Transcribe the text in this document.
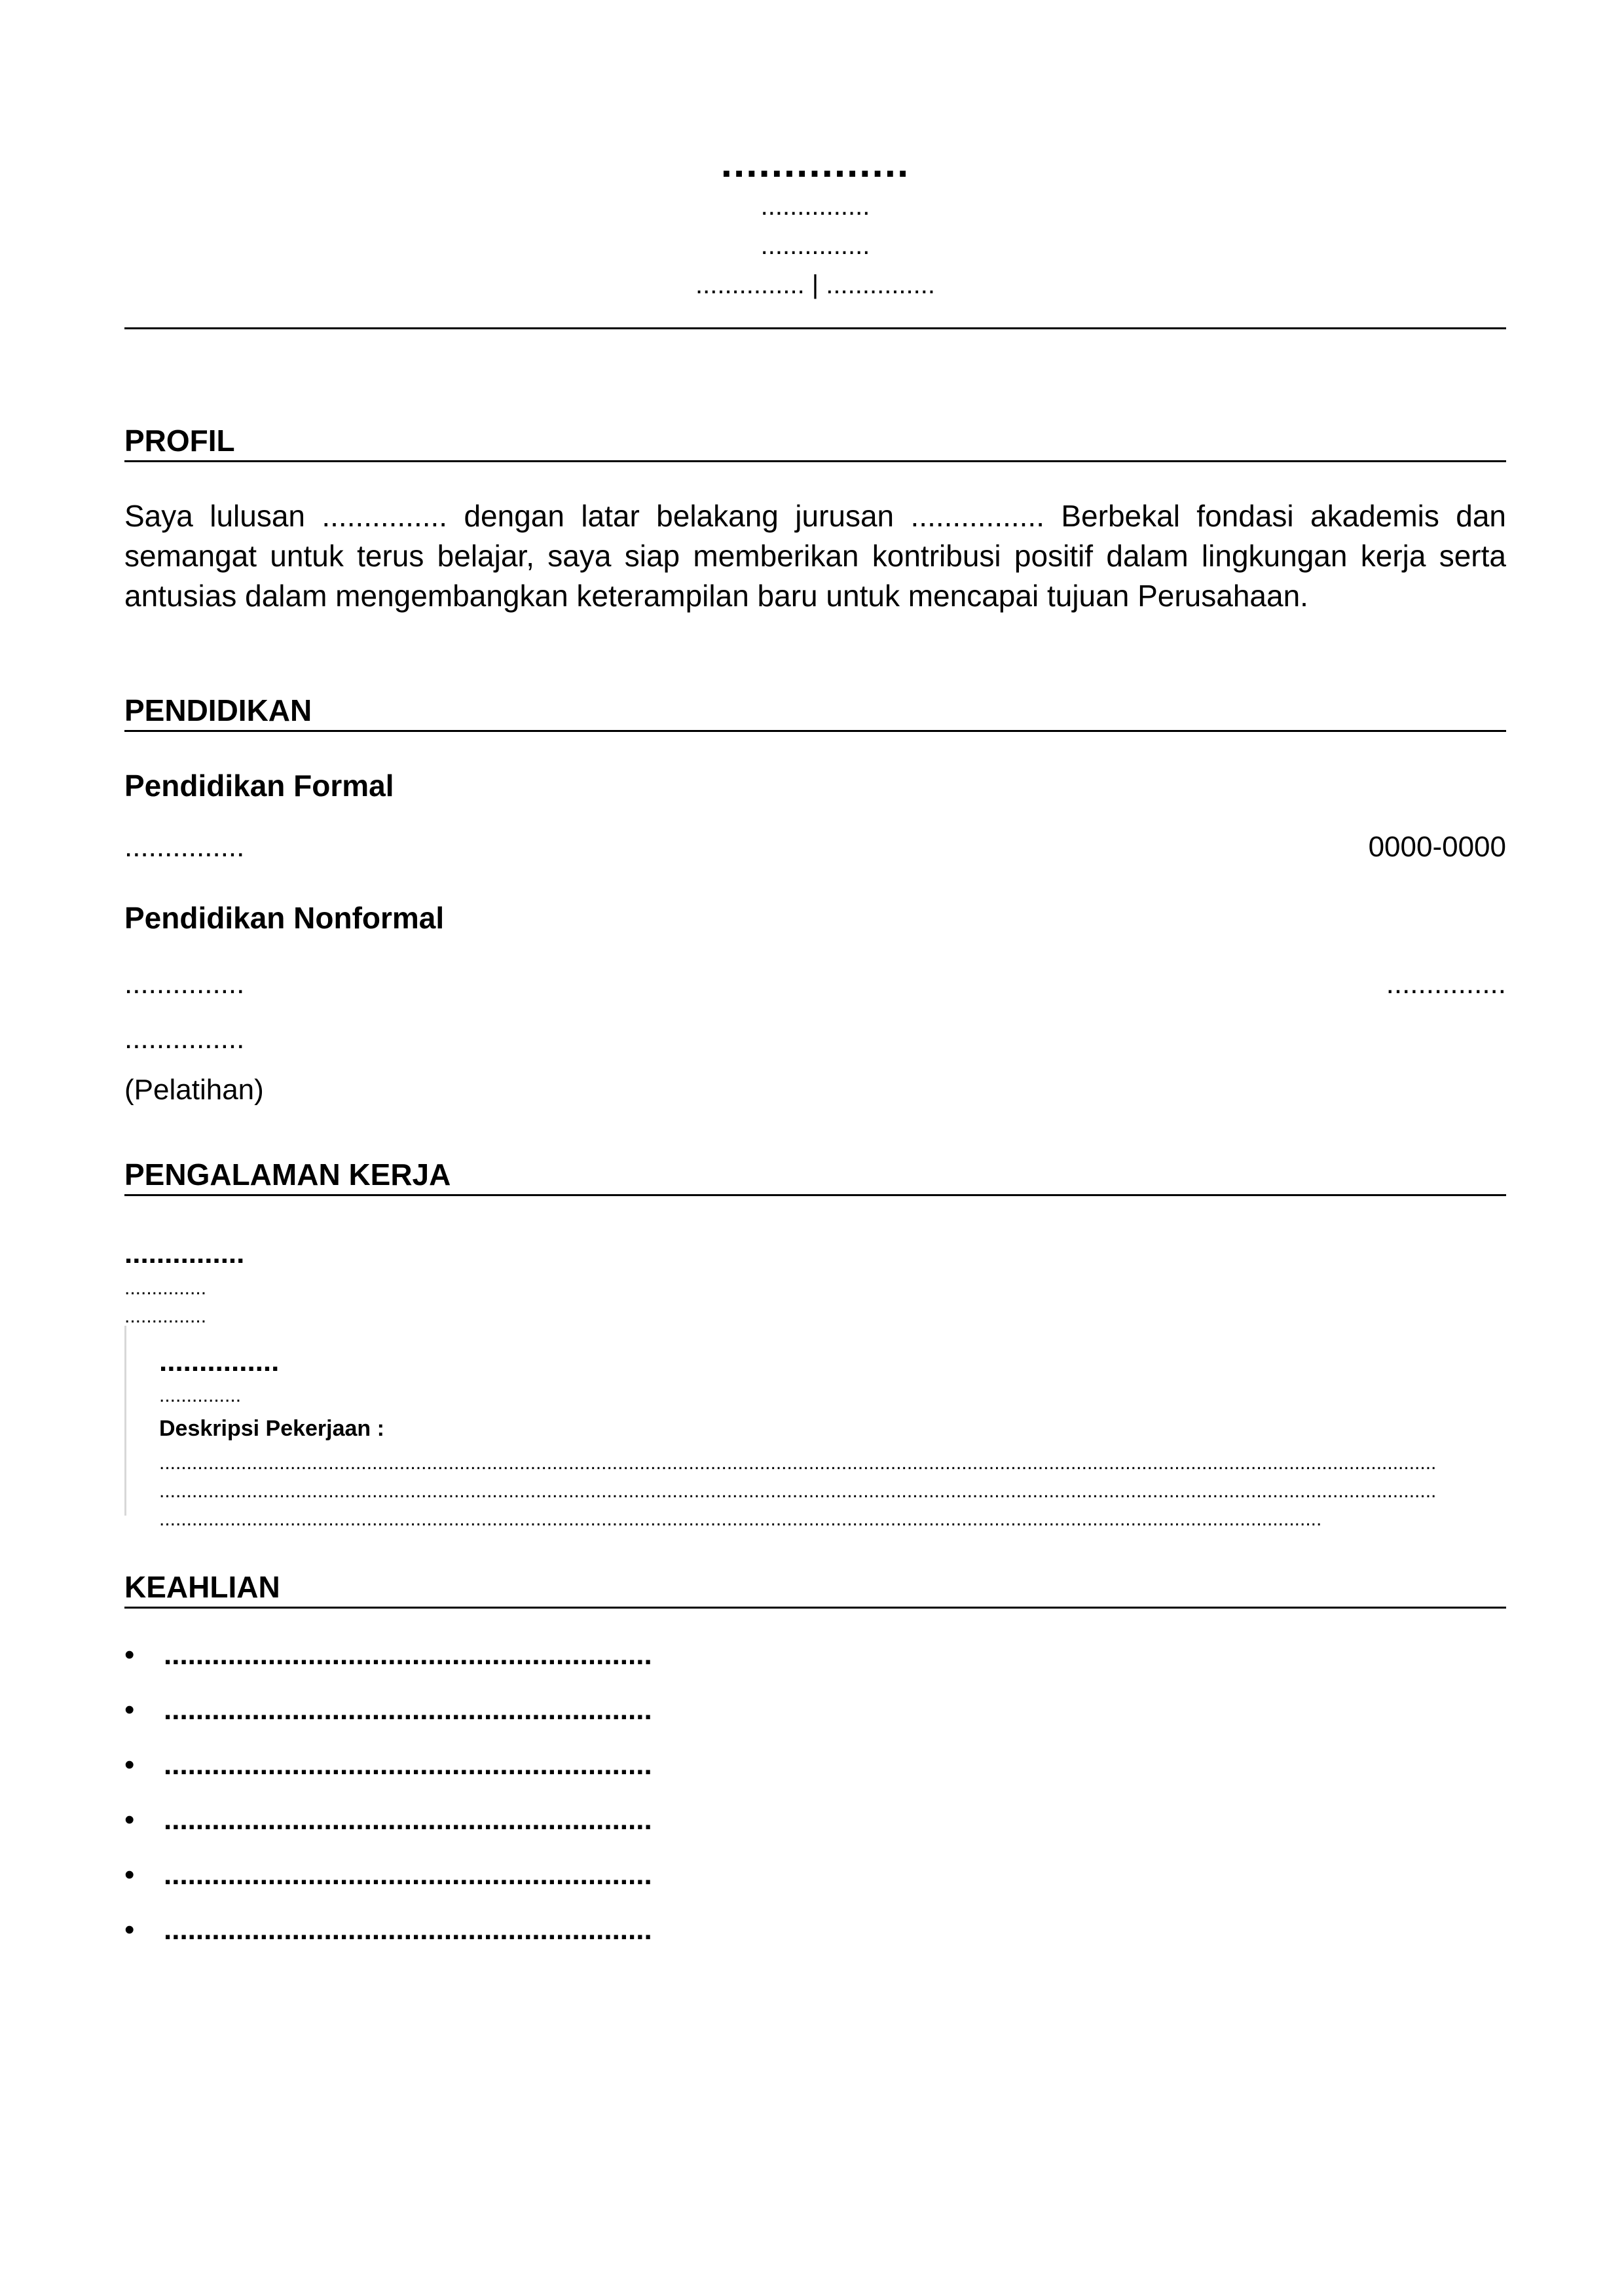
...............
...............
...............
............... | ...............
PROFIL
Saya lulusan ............... dengan latar belakang jurusan ................ Berbekal fondasi akademis dan semangat untuk terus belajar, saya siap memberikan kontribusi positif dalam lingkungan kerja serta antusias dalam mengembangkan keterampilan baru untuk mencapai tujuan Perusahaan.
PENDIDIKAN
Pendidikan Formal
...............	0000-0000
Pendidikan Nonformal
...............	...............
...............
(Pelatihan)
PENGALAMAN KERJA
...............
...............
...............
...............
...............
Deskripsi Pekerjaan :
..........................................................................................................................................................................................................................................
..........................................................................................................................................................................................................................................
.....................................................................................................................................................................................................................
KEAHLIAN
• .............................................................
• .............................................................
• .............................................................
• .............................................................
• .............................................................
• .............................................................
